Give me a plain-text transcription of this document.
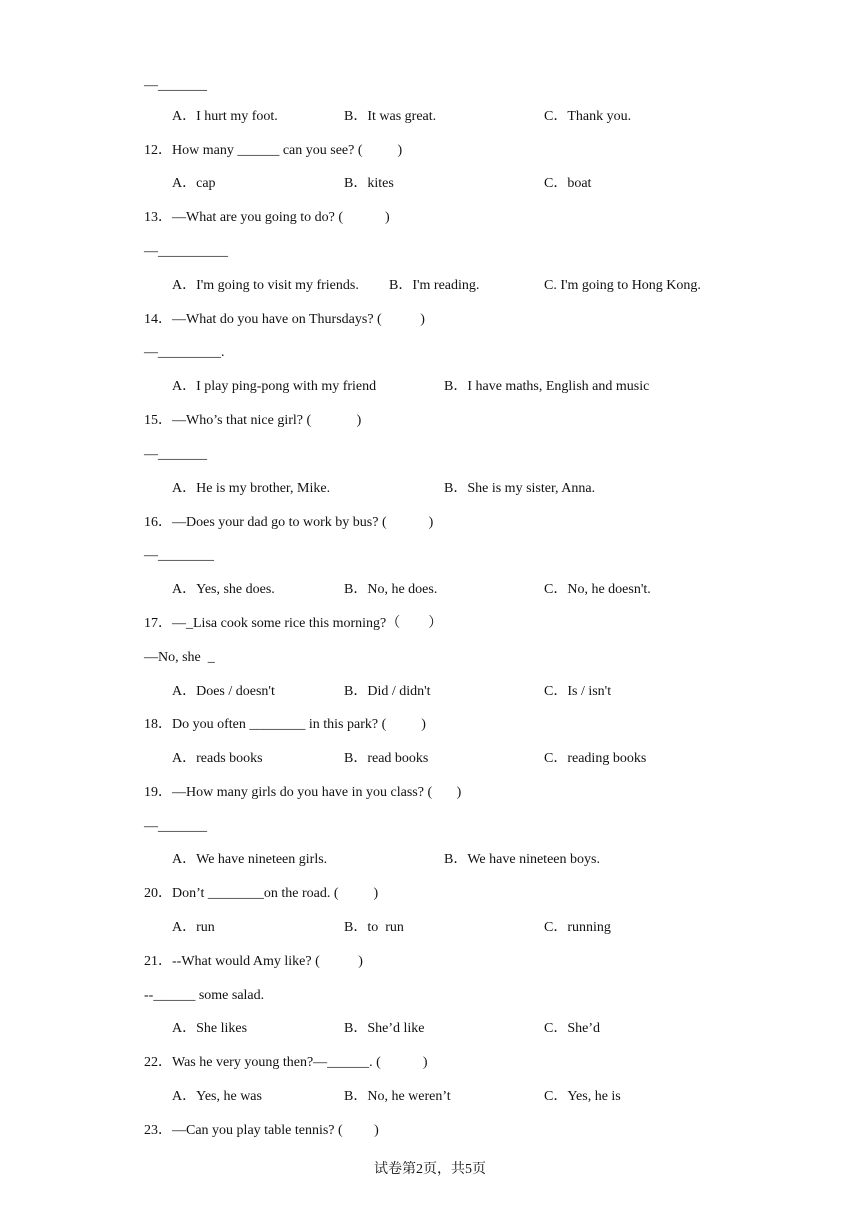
—_______
A．I hurt my foot.	B．It was great.	C．Thank you.
12．How many ______ can you see? (          )
A．cap	B．kites	C．boat
13．—What are you going to do? (            )
—__________
A．I'm going to visit my friends. B．I'm reading.	C. I'm going to Hong Kong.
14．—What do you have on Thursdays? (           )
—_________.
A．I play ping-pong with my friend	B．I have maths, English and music
15．—Who’s that nice girl? (             )
—_______
A．He is my brother, Mike.	B．She is my sister, Anna.
16．—Does your dad go to work by bus? (            )
—________
A．Yes, she does.	B．No, he does.	C．No, he doesn't.
17．—_Lisa cook some rice this morning?（        ）
—No, she  _
A．Does / doesn't	B．Did / didn't	C．Is / isn't
18．Do you often ________ in this park? (          )
A．reads books	B．read books	C．reading books
19．—How many girls do you have in you class? (       )
—_______
A．We have nineteen girls.	B．We have nineteen boys.
20．Don’t ________on the road. (          )
A．run	B．to  run	C．running
21．--What would Amy like? (           )
--______ some salad.
A．She likes	B．She’d like	C．She’d
22．Was he very young then?—______. (            )
A．Yes, he was	B．No, he weren’t	C．Yes, he is
23．—Can you play table tennis? (         )
试卷第2页，共5页
